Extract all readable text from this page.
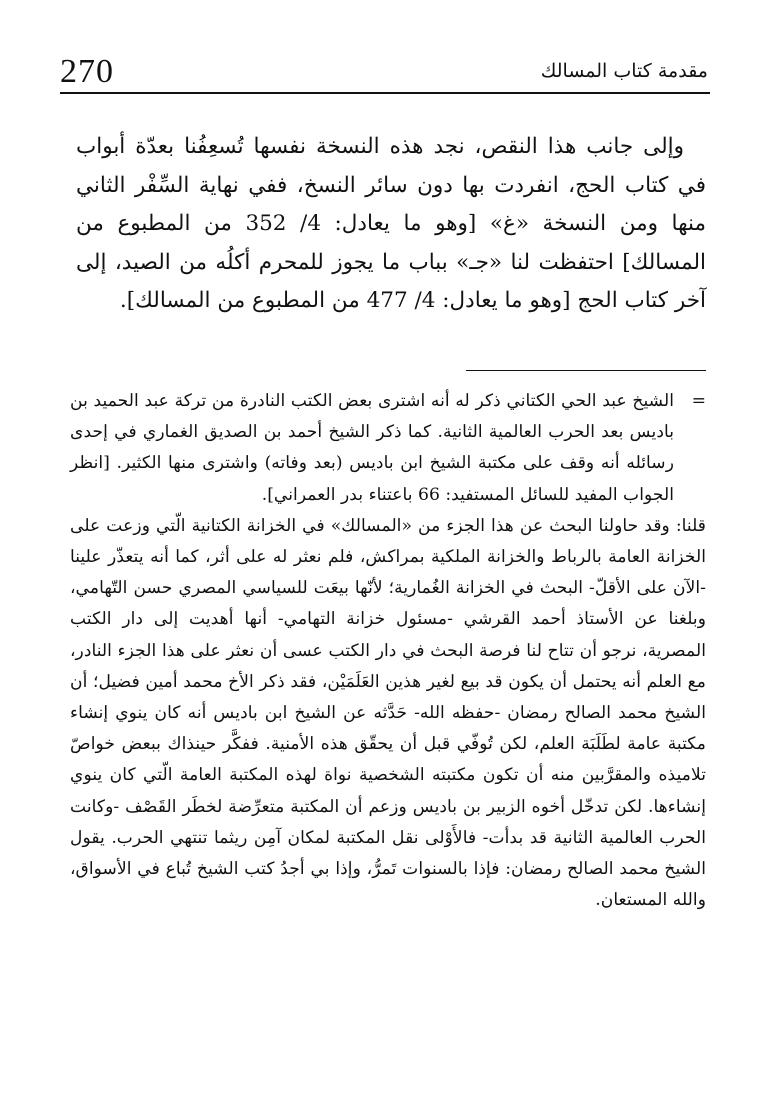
270	مقدمة كتاب المسالك

وإلى جانب هذا النقص، نجد هذه النسخة نفسها تُسعِفُنا بعدّة أبواب في كتاب الحج، انفردت بها دون سائر النسخ، ففي نهاية السِّفْر الثاني منها ومن النسخة «غ» [وهو ما يعادل: 4/ 352 من المطبوع من المسالك] احتفظت لنا «جـ» بباب ما يجوز للمحرم أكلُه من الصيد، إلى آخر كتاب الحج [وهو ما يعادل: 4/ 477 من المطبوع من المسالك].

=
الشيخ عبد الحي الكتاني ذكر له أنه اشترى بعض الكتب النادرة من تركة عبد الحميد بن باديس بعد الحرب العالمية الثانية. كما ذكر الشيخ أحمد بن الصديق الغماري في إحدى رسائله أنه وقف على مكتبة الشيخ ابن باديس (بعد وفاته) واشترى منها الكثير. [انظر الجواب المفيد للسائل المستفيد: 66 باعتناء بدر العمراني].

قلنا: وقد حاولنا البحث عن هذا الجزء من «المسالك» في الخزانة الكتانية الّتي وزعت على الخزانة العامة بالرباط والخزانة الملكية بمراكش، فلم نعثر له على أثر، كما أنه يتعذّر علينا -الآن على الأقلّ- البحث في الخزانة الغُمارية؛ لأنّها بيعَت للسياسي المصري حسن التّهامي، وبلغنا عن الأستاذ أحمد القرشي -مسئول خزانة التهامي- أنها أهديت إلى دار الكتب المصرية، نرجو أن تتاح لنا فرصة البحث في دار الكتب عسى أن نعثر على هذا الجزء النادر، مع العلم أنه يحتمل أن يكون قد بيع لغير هذين العَلَمَيْن، فقد ذكر الأخ محمد أمين فضيل؛ أن الشيخ محمد الصالح رمضان -حفظه الله- حَدَّثه عن الشيخ ابن باديس أنه كان ينوي إنشاء مكتبة عامة لطَلَبَة العلم، لكن تُوفّي قبل أن يحقّق هذه الأمنية. ففكَّر حينذاك ببعض خواصّ تلاميذه والمقرَّبين منه أن تكون مكتبته الشخصية نواة لهذه المكتبة العامة الّتي كان ينوي إنشاءها. لكن تدخّل أخوه الزبير بن باديس وزعم أن المكتبة متعرِّضة لخطَر القَصْف -وكانت الحرب العالمية الثانية قد بدأت- فالأَوْلى نقل المكتبة لمكان آمِن ريثما تنتهي الحرب. يقول الشيخ محمد الصالح رمضان: فإذا بالسنوات تَمرُّ، وإذا بي أجدُ كتب الشيخ تُباع في الأسواق، والله المستعان.
